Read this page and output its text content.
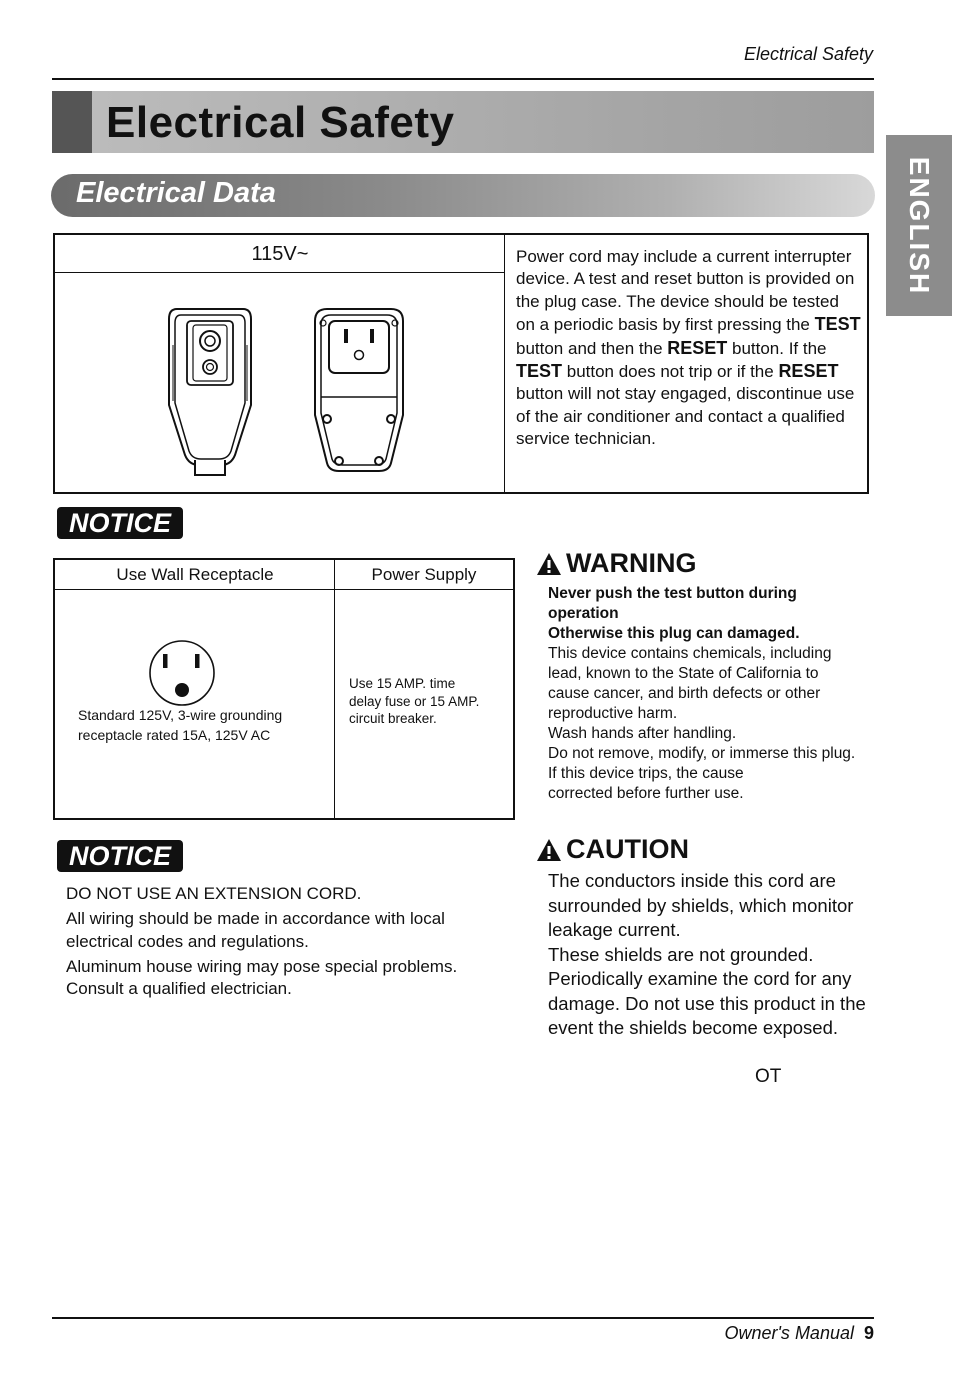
Electrical Safety
Electrical Safety
Electrical Data	ENGLISH
115V~	Power cord may include a current interrupter device. A test and reset button is provided on the plug case. The device should be tested on a periodic basis by first pressing the TEST button and then the RESET button. If the TEST button does not trip or if the RESET button will not stay engaged, discontinue use of the air conditioner and contact a qualified service technician.
NOTICE
Use Wall Receptacle	Power Supply
Standard 125V, 3-wire grounding
receptacle rated 15A, 125V AC
Use 15 AMP. time
delay fuse or 15 AMP.
circuit breaker.
WARNING
Never push the test button during
operation
Otherwise this plug can damaged.
This device contains chemicals, including
lead, known to the State of California to
cause cancer, and birth defects or other
reproductive harm.
Wash hands after handling.
Do not remove, modify, or immerse this plug.
If this device trips, the cause
corrected before further use.
NOTICE

DO NOT USE AN EXTENSION CORD.

All wiring should be made in accordance with local electrical codes and regulations.

Aluminum house wiring may pose special problems. Consult a qualified electrician.

CAUTION
The conductors inside this cord are
surrounded by shields, which monitor
leakage current.
These shields are not grounded.
Periodically examine the cord for any
damage. Do not use this product in the
event the shields become exposed.
OT
Owner's Manual 9
